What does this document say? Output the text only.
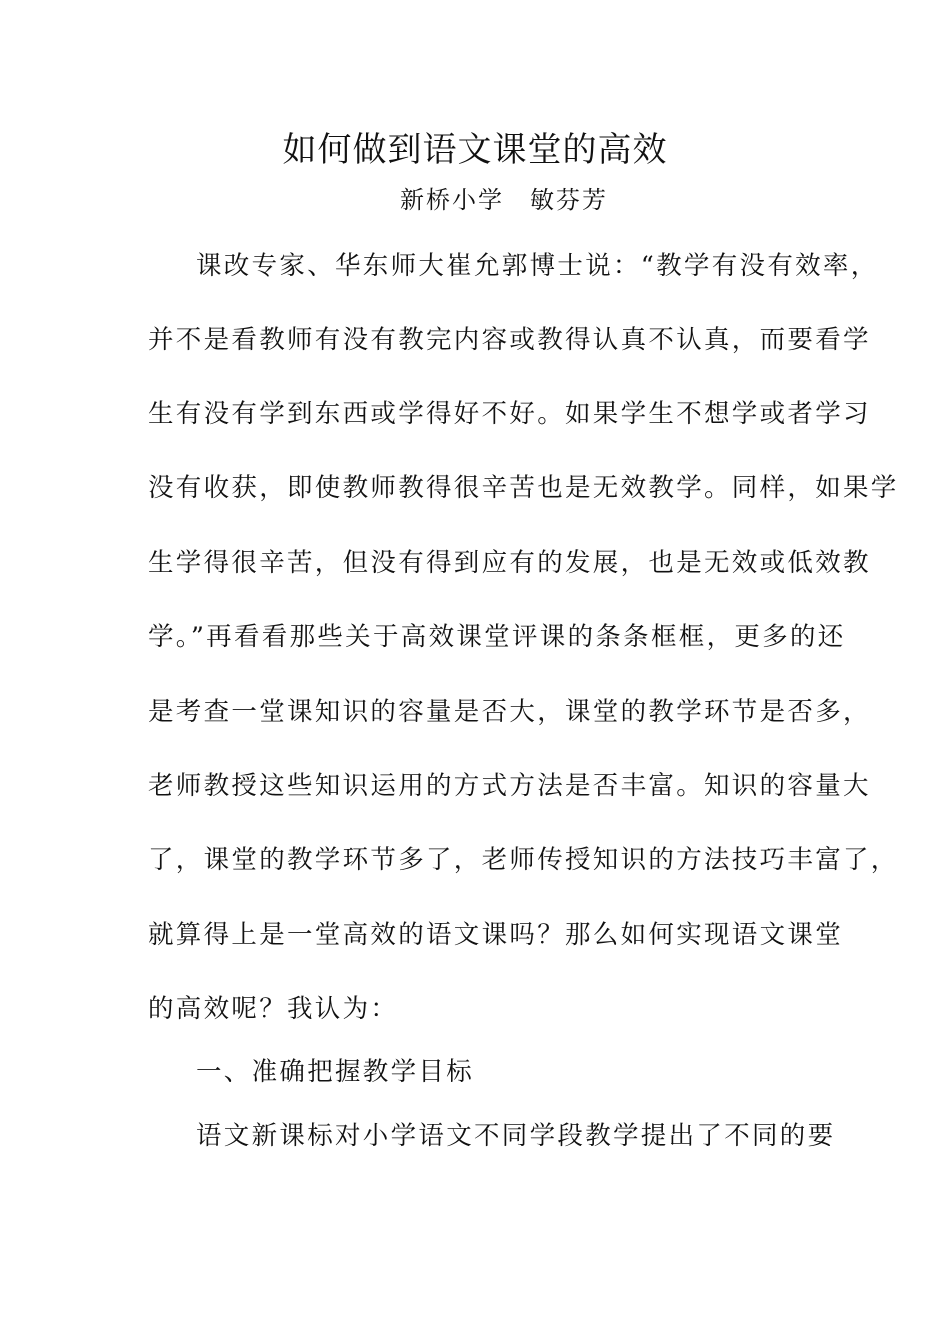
如何做到语文课堂的高效
新桥小学　敏芬芳
课改专家、华东师大崔允郭博士说：“教学有没有效率，
并不是看教师有没有教完内容或教得认真不认真，而要看学
生有没有学到东西或学得好不好。如果学生不想学或者学习
没有收获，即使教师教得很辛苦也是无效教学。同样，如果学
生学得很辛苦，但没有得到应有的发展，也是无效或低效教
学。”再看看那些关于高效课堂评课的条条框框，更多的还
是考查一堂课知识的容量是否大，课堂的教学环节是否多，
老师教授这些知识运用的方式方法是否丰富。知识的容量大
了，课堂的教学环节多了，老师传授知识的方法技巧丰富了，
就算得上是一堂高效的语文课吗？那么如何实现语文课堂
的高效呢？我认为：
一、准确把握教学目标
语文新课标对小学语文不同学段教学提出了不同的要
